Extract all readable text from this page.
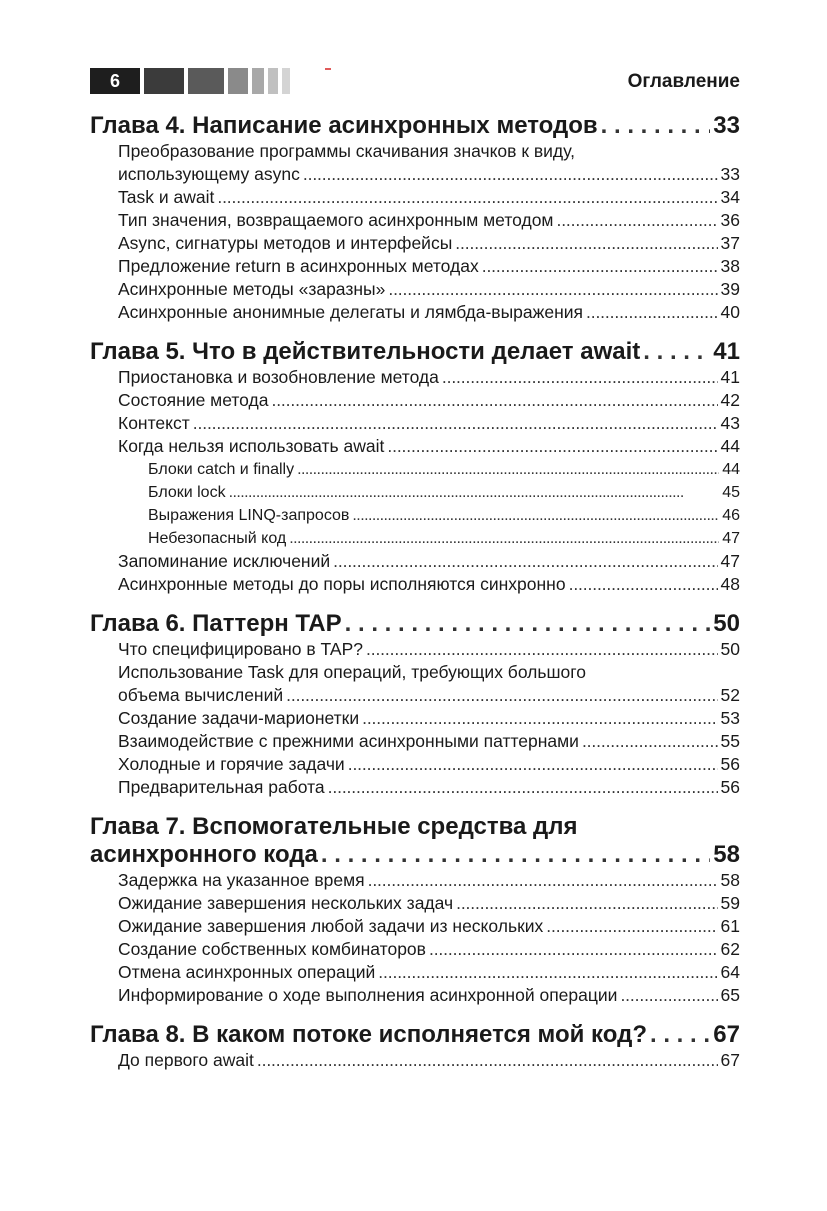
6	Оглавление
Глава 4. Написание асинхронных методов . . .	33
Преобразование программы скачивания значков к виду,
использующему async . . .	33
Task и await . . .	34
Тип значения, возвращаемого асинхронным методом . . .	36
Async, сигнатуры методов и интерфейсы . . .	37
Предложение return в асинхронных методах . . .	38
Асинхронные методы «заразны» . . .	39
Асинхронные анонимные делегаты и лямбда-выражения . . .	40
Глава 5. Что в действительности делает await . . .	41
Приостановка и возобновление метода . . .	41
Состояние метода . . .	42
Контекст . . .	43
Когда нельзя использовать await . . .	44
Блоки catch и finally . . .	44
Блоки lock . . .	45
Выражения LINQ-запросов . . .	46
Небезопасный код . . .	47
Запоминание исключений . . .	47
Асинхронные методы до поры исполняются синхронно . . .	48
Глава 6. Паттерн TAP . . .	50
Что специфицировано в TAP? . . .	50
Использование Task для операций, требующих большого
объема вычислений . . .	52
Создание задачи-марионетки . . .	53
Взаимодействие с прежними асинхронными паттернами . . .	55
Холодные и горячие задачи . . .	56
Предварительная работа . . .	56
Глава 7. Вспомогательные средства для
асинхронного кода . . .	58
Задержка на указанное время . . .	58
Ожидание завершения нескольких задач . . .	59
Ожидание завершения любой задачи из нескольких . . .	61
Создание собственных комбинаторов . . .	62
Отмена асинхронных операций . . .	64
Информирование о ходе выполнения асинхронной операции . . .	65
Глава 8. В каком потоке исполняется мой код? . . .	67
До первого await . . .	67
